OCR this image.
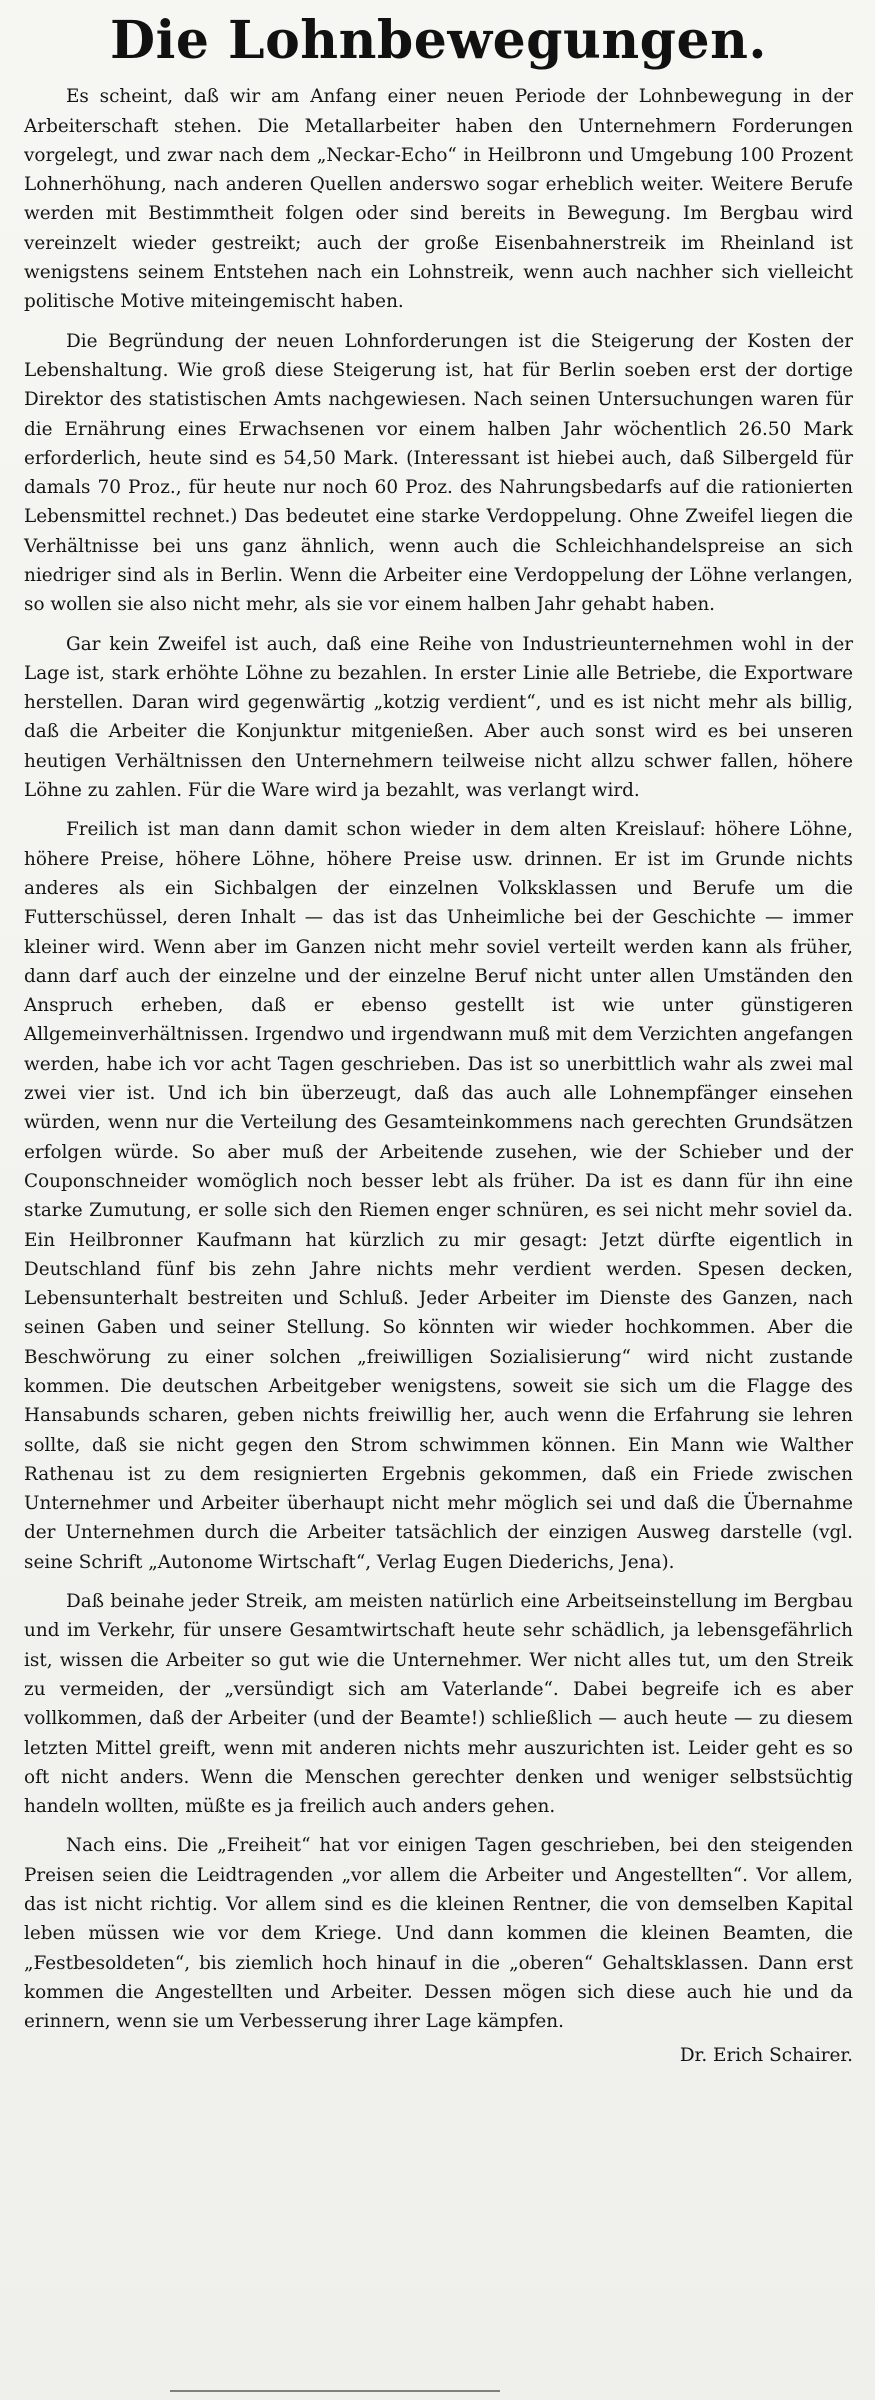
Die Lohnbewegungen.

Es scheint, daß wir am Anfang einer neuen Periode der Lohnbewegung in der Arbeiterschaft stehen. Die Metallarbeiter haben den Unternehmern Forderungen vorgelegt, und zwar nach dem „Neckar-Echo“ in Heilbronn und Umgebung 100 Prozent Lohnerhöhung, nach anderen Quellen anderswo sogar erheblich weiter. Weitere Berufe werden mit Bestimmtheit folgen oder sind bereits in Bewegung. Im Bergbau wird vereinzelt wieder gestreikt; auch der große Eisenbahnerstreik im Rheinland ist wenigstens seinem Entstehen nach ein Lohnstreik, wenn auch nachher sich vielleicht politische Motive miteingemischt haben.

Die Begründung der neuen Lohnforderungen ist die Steigerung der Kosten der Lebenshaltung. Wie groß diese Steigerung ist, hat für Berlin soeben erst der dortige Direktor des statistischen Amts nachgewiesen. Nach seinen Untersuchungen waren für die Ernährung eines Erwachsenen vor einem halben Jahr wöchentlich 26.50 Mark erforderlich, heute sind es 54,50 Mark. (Interessant ist hiebei auch, daß Silbergeld für damals 70 Proz., für heute nur noch 60 Proz. des Nahrungsbedarfs auf die rationierten Lebensmittel rechnet.) Das bedeutet eine starke Verdoppelung. Ohne Zweifel liegen die Verhältnisse bei uns ganz ähnlich, wenn auch die Schleichhandelspreise an sich niedriger sind als in Berlin. Wenn die Arbeiter eine Verdoppelung der Löhne verlangen, so wollen sie also nicht mehr, als sie vor einem halben Jahr gehabt haben.

Gar kein Zweifel ist auch, daß eine Reihe von Industrieunternehmen wohl in der Lage ist, stark erhöhte Löhne zu bezahlen. In erster Linie alle Betriebe, die Exportware herstellen. Daran wird gegenwärtig „kotzig verdient“, und es ist nicht mehr als billig, daß die Arbeiter die Konjunktur mitgenießen. Aber auch sonst wird es bei unseren heutigen Verhältnissen den Unternehmern teilweise nicht allzu schwer fallen, höhere Löhne zu zahlen. Für die Ware wird ja bezahlt, was verlangt wird.

Freilich ist man dann damit schon wieder in dem alten Kreislauf: höhere Löhne, höhere Preise, höhere Löhne, höhere Preise usw. drinnen. Er ist im Grunde nichts anderes als ein Sichbalgen der einzelnen Volksklassen und Berufe um die Futterschüssel, deren Inhalt — das ist das Unheimliche bei der Geschichte — immer kleiner wird. Wenn aber im Ganzen nicht mehr soviel verteilt werden kann als früher, dann darf auch der einzelne und der einzelne Beruf nicht unter allen Umständen den Anspruch erheben, daß er ebenso gestellt ist wie unter günstigeren Allgemeinverhältnissen. Irgendwo und irgendwann muß mit dem Verzichten angefangen werden, habe ich vor acht Tagen geschrieben. Das ist so unerbittlich wahr als zwei mal zwei vier ist. Und ich bin überzeugt, daß das auch alle Lohnempfänger einsehen würden, wenn nur die Verteilung des Gesamteinkommens nach gerechten Grundsätzen erfolgen würde. So aber muß der Arbeitende zusehen, wie der Schieber und der Couponschneider womöglich noch besser lebt als früher. Da ist es dann für ihn eine starke Zumutung, er solle sich den Riemen enger schnüren, es sei nicht mehr soviel da. Ein Heilbronner Kaufmann hat kürzlich zu mir gesagt: Jetzt dürfte eigentlich in Deutschland fünf bis zehn Jahre nichts mehr verdient werden. Spesen decken, Lebensunterhalt bestreiten und Schluß. Jeder Arbeiter im Dienste des Ganzen, nach seinen Gaben und seiner Stellung. So könnten wir wieder hochkommen. Aber die Beschwörung zu einer solchen „freiwilligen Sozialisierung“ wird nicht zustande kommen. Die deutschen Arbeitgeber wenigstens, soweit sie sich um die Flagge des Hansabunds scharen, geben nichts freiwillig her, auch wenn die Erfahrung sie lehren sollte, daß sie nicht gegen den Strom schwimmen können. Ein Mann wie Walther Rathenau ist zu dem resignierten Ergebnis gekommen, daß ein Friede zwischen Unternehmer und Arbeiter überhaupt nicht mehr möglich sei und daß die Übernahme der Unternehmen durch die Arbeiter tatsächlich der einzigen Ausweg darstelle (vgl. seine Schrift „Autonome Wirtschaft“, Verlag Eugen Diederichs, Jena).

Daß beinahe jeder Streik, am meisten natürlich eine Arbeitseinstellung im Bergbau und im Verkehr, für unsere Gesamtwirtschaft heute sehr schädlich, ja lebensgefährlich ist, wissen die Arbeiter so gut wie die Unternehmer. Wer nicht alles tut, um den Streik zu vermeiden, der „versündigt sich am Vaterlande“. Dabei begreife ich es aber vollkommen, daß der Arbeiter (und der Beamte!) schließlich — auch heute — zu diesem letzten Mittel greift, wenn mit anderen nichts mehr auszurichten ist. Leider geht es so oft nicht anders. Wenn die Menschen gerechter denken und weniger selbstsüchtig handeln wollten, müßte es ja freilich auch anders gehen.

Nach eins. Die „Freiheit“ hat vor einigen Tagen geschrieben, bei den steigenden Preisen seien die Leidtragenden „vor allem die Arbeiter und Angestellten“. Vor allem, das ist nicht richtig. Vor allem sind es die kleinen Rentner, die von demselben Kapital leben müssen wie vor dem Kriege. Und dann kommen die kleinen Beamten, die „Festbesoldeten“, bis ziemlich hoch hinauf in die „oberen“ Gehaltsklassen. Dann erst kommen die Angestellten und Arbeiter. Dessen mögen sich diese auch hie und da erinnern, wenn sie um Verbesserung ihrer Lage kämpfen.

Dr. Erich Schairer.
